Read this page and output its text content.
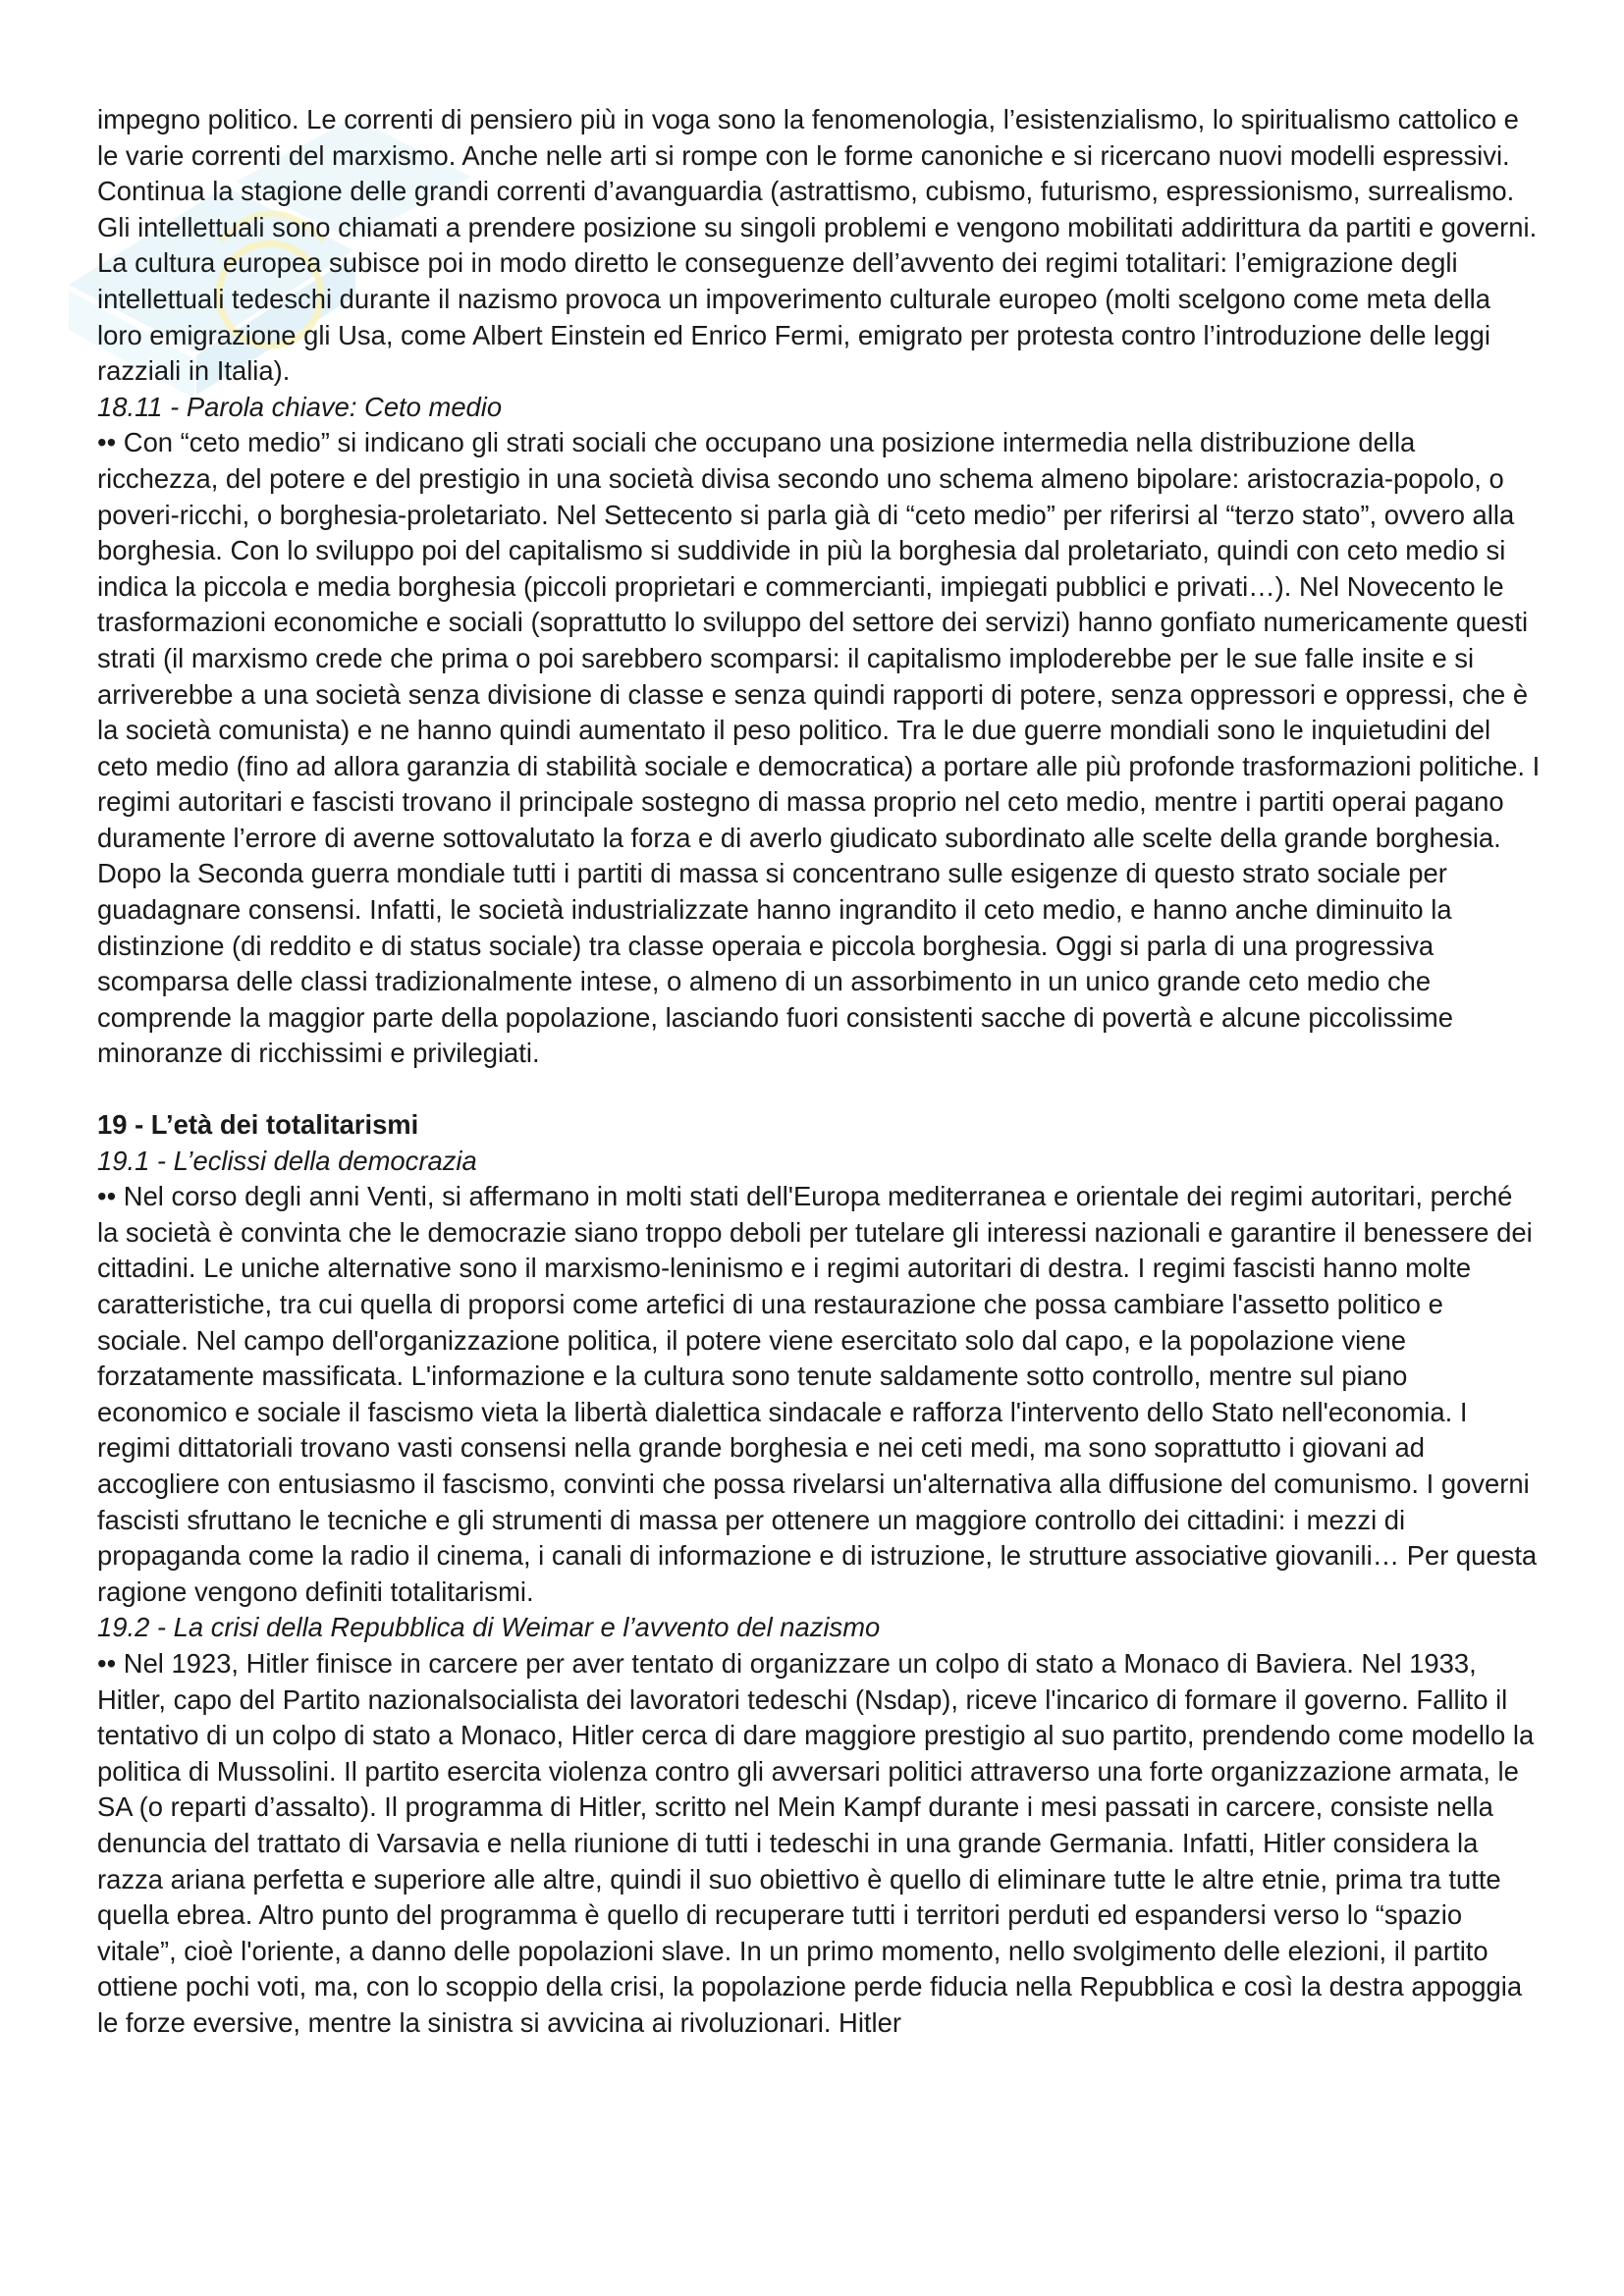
impegno politico. Le correnti di pensiero più in voga sono la fenomenologia, l’esistenzialismo, lo spiritualismo cattolico e le varie correnti del marxismo. Anche nelle arti si rompe con le forme canoniche e si ricercano nuovi modelli espressivi. Continua la stagione delle grandi correnti d’avanguardia (astrattismo, cubismo, futurismo, espressionismo, surrealismo. Gli intellettuali sono chiamati a prendere posizione su singoli problemi e vengono mobilitati addirittura da partiti e governi. La cultura europea subisce poi in modo diretto le conseguenze dell’avvento dei regimi totalitari: l’emigrazione degli intellettuali tedeschi durante il nazismo provoca un impoverimento culturale europeo (molti scelgono come meta della loro emigrazione gli Usa, come Albert Einstein ed Enrico Fermi, emigrato per protesta contro l’introduzione delle leggi razziali in Italia).

18.11 - Parola chiave: Ceto medio

•• Con “ceto medio” si indicano gli strati sociali che occupano una posizione intermedia nella distribuzione della ricchezza, del potere e del prestigio in una società divisa secondo uno schema almeno bipolare: aristocrazia-popolo, o poveri-ricchi, o borghesia-proletariato. Nel Settecento si parla già di “ceto medio” per riferirsi al “terzo stato”, ovvero alla borghesia. Con lo sviluppo poi del capitalismo si suddivide in più la borghesia dal proletariato, quindi con ceto medio si indica la piccola e media borghesia (piccoli proprietari e commercianti, impiegati pubblici e privati…). Nel Novecento le trasformazioni economiche e sociali (soprattutto lo sviluppo del settore dei servizi) hanno gonfiato numericamente questi strati (il marxismo crede che prima o poi sarebbero scomparsi: il capitalismo imploderebbe per le sue falle insite e si arriverebbe a una società senza divisione di classe e senza quindi rapporti di potere, senza oppressori e oppressi, che è la società comunista) e ne hanno quindi aumentato il peso politico. Tra le due guerre mondiali sono le inquietudini del ceto medio (fino ad allora garanzia di stabilità sociale e democratica) a portare alle più profonde trasformazioni politiche. I regimi autoritari e fascisti trovano il principale sostegno di massa proprio nel ceto medio, mentre i partiti operai pagano duramente l’errore di averne sottovalutato la forza e di averlo giudicato subordinato alle scelte della grande borghesia. Dopo la Seconda guerra mondiale tutti i partiti di massa si concentrano sulle esigenze di questo strato sociale per guadagnare consensi. Infatti, le società industrializzate hanno ingrandito il ceto medio, e hanno anche diminuito la distinzione (di reddito e di status sociale) tra classe operaia e piccola borghesia. Oggi si parla di una progressiva scomparsa delle classi tradizionalmente intese, o almeno di un assorbimento in un unico grande ceto medio che comprende la maggior parte della popolazione, lasciando fuori consistenti sacche di povertà e alcune piccolissime minoranze di ricchissimi e privilegiati.

19 - L’età dei totalitarismi

19.1 - L’eclissi della democrazia

•• Nel corso degli anni Venti, si affermano in molti stati dell'Europa mediterranea e orientale dei regimi autoritari, perché la società è convinta che le democrazie siano troppo deboli per tutelare gli interessi nazionali e garantire il benessere dei cittadini. Le uniche alternative sono il marxismo-leninismo e i regimi autoritari di destra. I regimi fascisti hanno molte caratteristiche, tra cui quella di proporsi come artefici di una restaurazione che possa cambiare l'assetto politico e sociale. Nel campo dell'organizzazione politica, il potere viene esercitato solo dal capo, e la popolazione viene forzatamente massificata. L'informazione e la cultura sono tenute saldamente sotto controllo, mentre sul piano economico e sociale il fascismo vieta la libertà dialettica sindacale e rafforza l'intervento dello Stato nell'economia. I regimi dittatoriali trovano vasti consensi nella grande borghesia e nei ceti medi, ma sono soprattutto i giovani ad accogliere con entusiasmo il fascismo, convinti che possa rivelarsi un'alternativa alla diffusione del comunismo. I governi fascisti sfruttano le tecniche e gli strumenti di massa per ottenere un maggiore controllo dei cittadini: i mezzi di propaganda come la radio il cinema, i canali di informazione e di istruzione, le strutture associative giovanili… Per questa ragione vengono definiti totalitarismi.

19.2 - La crisi della Repubblica di Weimar e l’avvento del nazismo

•• Nel 1923, Hitler finisce in carcere per aver tentato di organizzare un colpo di stato a Monaco di Baviera. Nel 1933, Hitler, capo del Partito nazionalsocialista dei lavoratori tedeschi (Nsdap), riceve l'incarico di formare il governo. Fallito il tentativo di un colpo di stato a Monaco, Hitler cerca di dare maggiore prestigio al suo partito, prendendo come modello la politica di Mussolini. Il partito esercita violenza contro gli avversari politici attraverso una forte organizzazione armata, le SA (o reparti d’assalto). Il programma di Hitler, scritto nel Mein Kampf durante i mesi passati in carcere, consiste nella denuncia del trattato di Varsavia e nella riunione di tutti i tedeschi in una grande Germania. Infatti, Hitler considera la razza ariana perfetta e superiore alle altre, quindi il suo obiettivo è quello di eliminare tutte le altre etnie, prima tra tutte quella ebrea. Altro punto del programma è quello di recuperare tutti i territori perduti ed espandersi verso lo “spazio vitale”, cioè l'oriente, a danno delle popolazioni slave. In un primo momento, nello svolgimento delle elezioni, il partito ottiene pochi voti, ma, con lo scoppio della crisi, la popolazione perde fiducia nella Repubblica e così la destra appoggia le forze eversive, mentre la sinistra si avvicina ai rivoluzionari. Hitler
